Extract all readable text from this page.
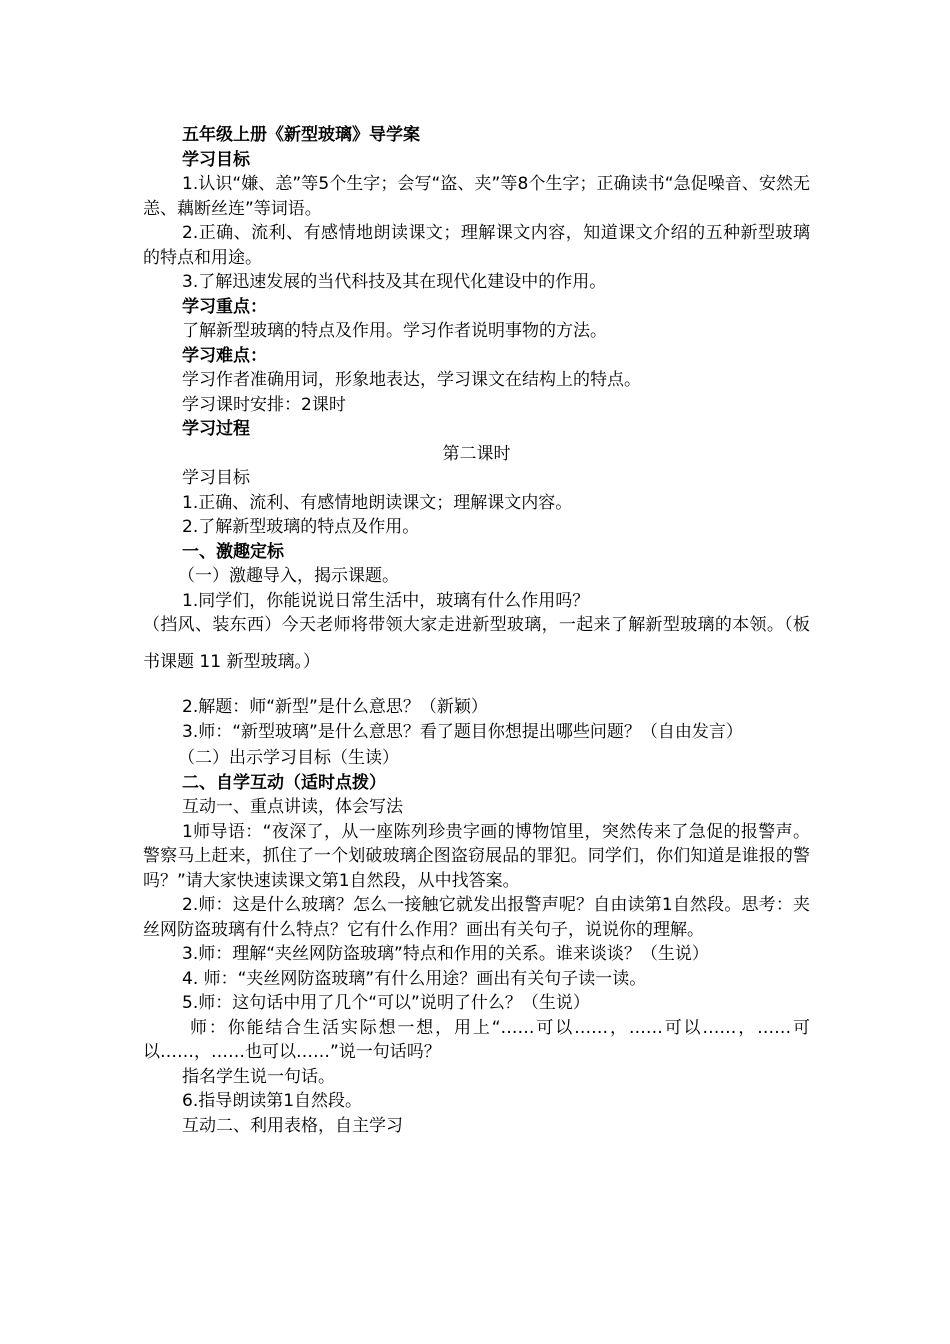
五年级上册《新型玻璃》导学案

学习目标

1.认识“嫌、恙”等5个生字；会写“盗、夹”等8个生字；正确读书“急促噪音、安然无恙、藕断丝连”等词语。

2.正确、流利、有感情地朗读课文；理解课文内容，知道课文介绍的五种新型玻璃的特点和用途。

3.了解迅速发展的当代科技及其在现代化建设中的作用。

学习重点：

了解新型玻璃的特点及作用。学习作者说明事物的方法。

学习难点：

学习作者准确用词，形象地表达，学习课文在结构上的特点。

学习课时安排：2课时

学习过程

第二课时

学习目标

1.正确、流利、有感情地朗读课文；理解课文内容。

2.了解新型玻璃的特点及作用。

一、激趣定标

（一）激趣导入，揭示课题。

1.同学们，你能说说日常生活中，玻璃有什么作用吗？

（挡风、装东西）今天老师将带领大家走进新型玻璃，一起来了解新型玻璃的本领。（板书课题 11 新型玻璃。）

2.解题：师“新型”是什么意思？（新颖）

3.师：“新型玻璃”是什么意思？看了题目你想提出哪些问题？（自由发言）

（二）出示学习目标（生读）

二、自学互动（适时点拨）

互动一、重点讲读，体会写法

1师导语：“夜深了，从一座陈列珍贵字画的博物馆里，突然传来了急促的报警声。警察马上赶来，抓住了一个划破玻璃企图盗窃展品的罪犯。同学们，你们知道是谁报的警吗？”请大家快速读课文第1自然段，从中找答案。

2.师：这是什么玻璃？怎么一接触它就发出报警声呢？自由读第1自然段。思考：夹丝网防盗玻璃有什么特点？它有什么作用？画出有关句子，说说你的理解。

3.师：理解“夹丝网防盗玻璃”特点和作用的关系。谁来谈谈？（生说）

4. 师：“夹丝网防盗玻璃”有什么用途？画出有关句子读一读。

5.师：这句话中用了几个“可以”说明了什么？（生说）

师：你能结合生活实际想一想，用上“……可以……，……可以……，……可以……，……也可以……”说一句话吗？

指名学生说一句话。

6.指导朗读第1自然段。

互动二、利用表格，自主学习
